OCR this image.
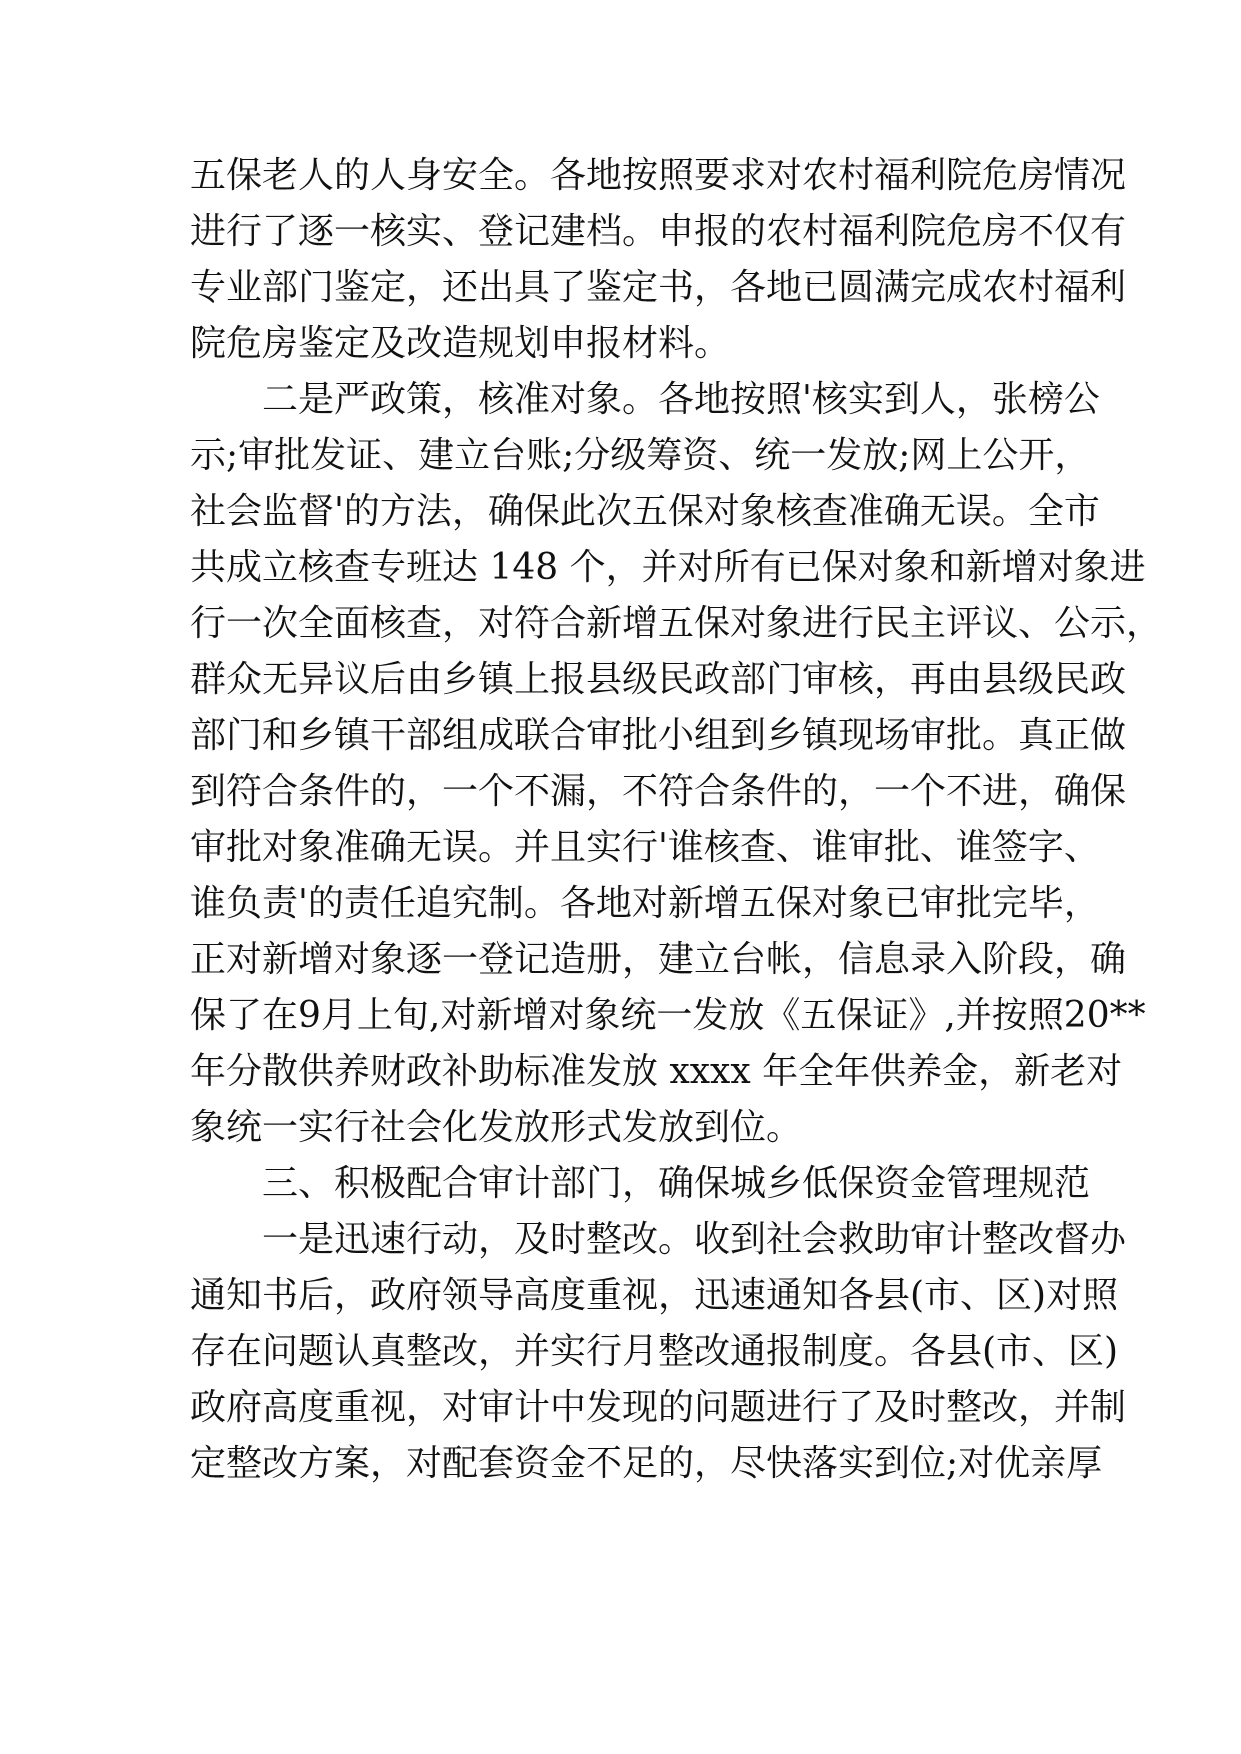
五保老人的人身安全。各地按照要求对农村福利院危房情况
进行了逐一核实、登记建档。申报的农村福利院危房不仅有
专业部门鉴定，还出具了鉴定书，各地已圆满完成农村福利
院危房鉴定及改造规划申报材料。
　　二是严政策，核准对象。各地按照'核实到人，张榜公
示;审批发证、建立台账;分级筹资、统一发放;网上公开，
社会监督'的方法，确保此次五保对象核查准确无误。全市
共成立核查专班达 148 个，并对所有已保对象和新增对象进
行一次全面核查，对符合新增五保对象进行民主评议、公示，
群众无异议后由乡镇上报县级民政部门审核，再由县级民政
部门和乡镇干部组成联合审批小组到乡镇现场审批。真正做
到符合条件的，一个不漏，不符合条件的，一个不进，确保
审批对象准确无误。并且实行'谁核查、谁审批、谁签字、
谁负责'的责任追究制。各地对新增五保对象已审批完毕，
正对新增对象逐一登记造册，建立台帐，信息录入阶段，确
保了在9月上旬,对新增对象统一发放《五保证》,并按照20**
年分散供养财政补助标准发放 xxxx 年全年供养金，新老对
象统一实行社会化发放形式发放到位。
　　三、积极配合审计部门，确保城乡低保资金管理规范
　　一是迅速行动，及时整改。收到社会救助审计整改督办
通知书后，政府领导高度重视，迅速通知各县(市、区)对照
存在问题认真整改，并实行月整改通报制度。各县(市、区)
政府高度重视，对审计中发现的问题进行了及时整改，并制
定整改方案，对配套资金不足的，尽快落实到位;对优亲厚
